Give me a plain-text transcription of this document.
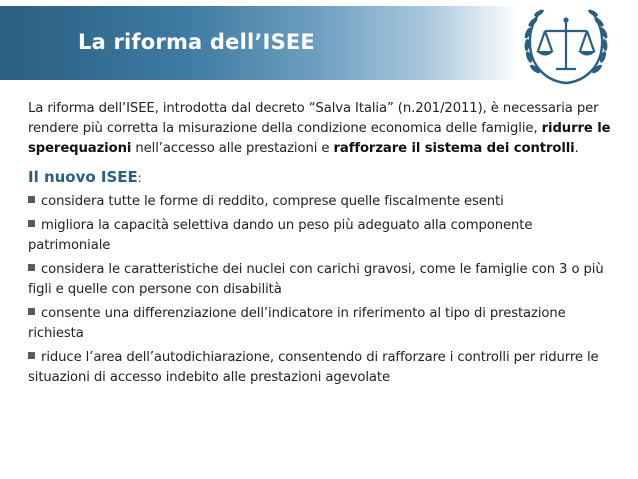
La riforma dell’ISEE

La riforma dell’ISEE, introdotta dal decreto “Salva Italia” (n.201/2011), è necessaria per rendere più corretta la misurazione della condizione economica delle famiglie, ridurre le sperequazioni nell’accesso alle prestazioni e rafforzare il sistema dei controlli.

Il nuovo ISEE:
considera tutte le forme di reddito, comprese quelle fiscalmente esenti
migliora la capacità selettiva dando un peso più adeguato alla componente patrimoniale
considera le caratteristiche dei nuclei con carichi gravosi, come le famiglie con 3 o più figli e quelle con persone con disabilità
consente una differenziazione dell’indicatore in riferimento al tipo di prestazione richiesta
riduce l’area dell’autodichiarazione, consentendo di rafforzare i controlli per ridurre le situazioni di accesso indebito alle prestazioni agevolate
